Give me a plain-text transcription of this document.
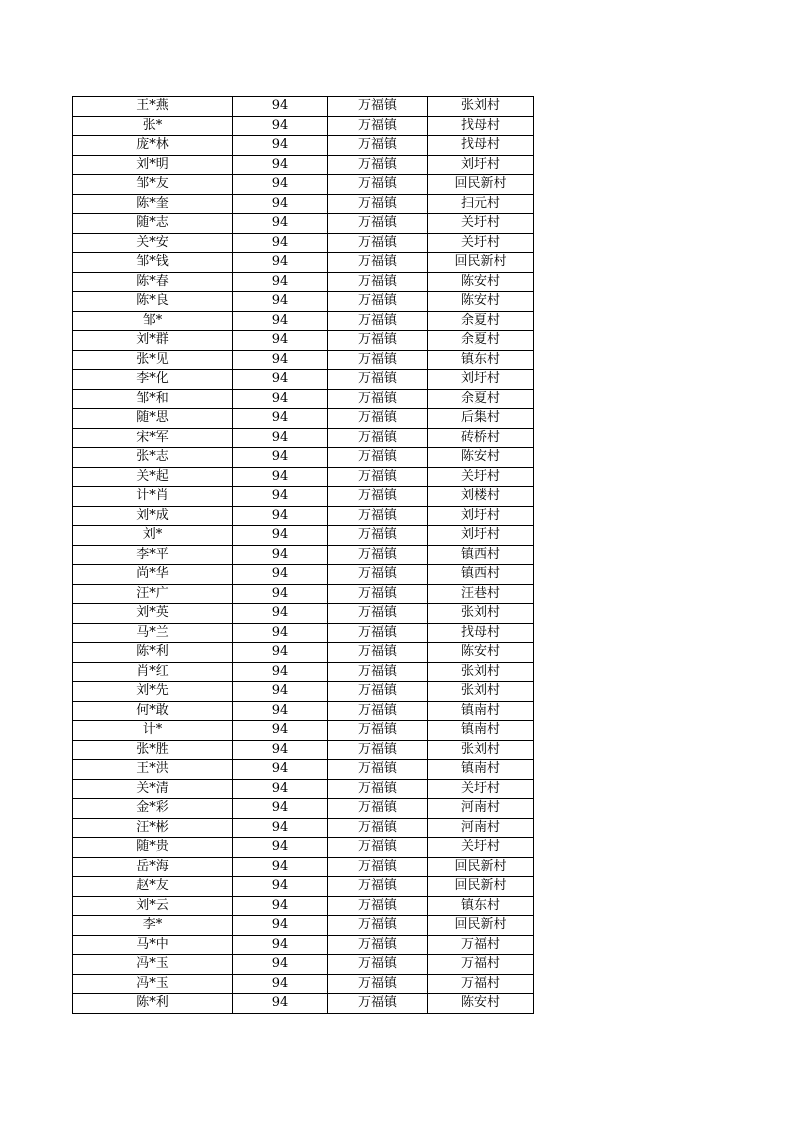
王*燕	94	万福镇	张刘村
张*	94	万福镇	找母村
庞*林	94	万福镇	找母村
刘*明	94	万福镇	刘圩村
邹*友	94	万福镇	回民新村
陈*奎	94	万福镇	扫元村
随*志	94	万福镇	关圩村
关*安	94	万福镇	关圩村
邹*钱	94	万福镇	回民新村
陈*春	94	万福镇	陈安村
陈*良	94	万福镇	陈安村
邹*	94	万福镇	余夏村
刘*群	94	万福镇	余夏村
张*见	94	万福镇	镇东村
李*化	94	万福镇	刘圩村
邹*和	94	万福镇	余夏村
随*思	94	万福镇	后集村
宋*军	94	万福镇	砖桥村
张*志	94	万福镇	陈安村
关*起	94	万福镇	关圩村
计*肖	94	万福镇	刘楼村
刘*成	94	万福镇	刘圩村
刘*	94	万福镇	刘圩村
李*平	94	万福镇	镇西村
尚*华	94	万福镇	镇西村
汪*广	94	万福镇	汪巷村
刘*英	94	万福镇	张刘村
马*兰	94	万福镇	找母村
陈*利	94	万福镇	陈安村
肖*红	94	万福镇	张刘村
刘*先	94	万福镇	张刘村
何*敢	94	万福镇	镇南村
计*	94	万福镇	镇南村
张*胜	94	万福镇	张刘村
王*洪	94	万福镇	镇南村
关*清	94	万福镇	关圩村
金*彩	94	万福镇	河南村
汪*彬	94	万福镇	河南村
随*贵	94	万福镇	关圩村
岳*海	94	万福镇	回民新村
赵*友	94	万福镇	回民新村
刘*云	94	万福镇	镇东村
李*	94	万福镇	回民新村
马*中	94	万福镇	万福村
冯*玉	94	万福镇	万福村
冯*玉	94	万福镇	万福村
陈*利	94	万福镇	陈安村
